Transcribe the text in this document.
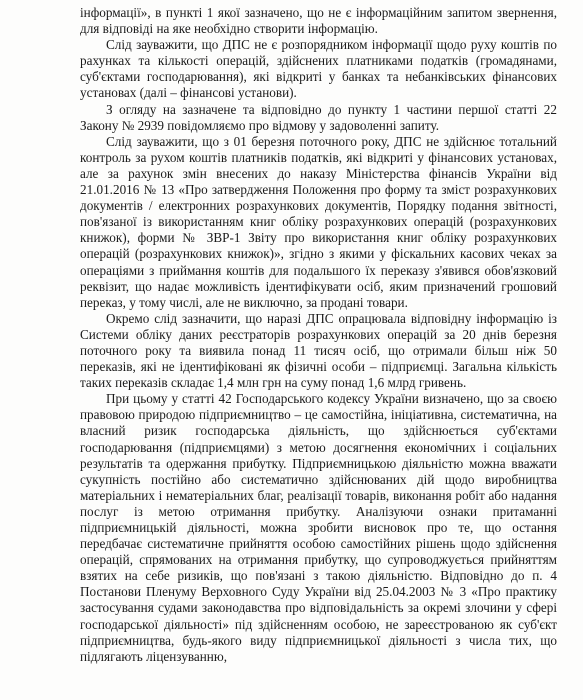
інформації», в пункті 1 якої зазначено, що не є інформаційним запитом звернення, для відповіді на яке необхідно створити інформацію.

Слід зауважити, що ДПС не є розпорядником інформації щодо руху коштів по рахунках та кількості операцій, здійснених платниками податків (громадянами, суб'єктами господарювання), які відкриті у банках та небанківських фінансових установах (далі – фінансові установи).

З огляду на зазначене та відповідно до пункту 1 частини першої статті 22 Закону № 2939 повідомляємо про відмову у задоволенні запиту.

Слід зауважити, що з 01 березня поточного року, ДПС не здійснює тотальний контроль за рухом коштів платників податків, які відкриті у фінансових установах, але за рахунок змін внесених до наказу Міністерства фінансів України від 21.01.2016 № 13 «Про затвердження Положення про форму та зміст розрахункових документів / електронних розрахункових документів, Порядку подання звітності, пов'язаної із використанням книг обліку розрахункових операцій (розрахункових книжок), форми № ЗВР-1 Звіту про використання книг обліку розрахункових операцій (розрахункових книжок)», згідно з якими у фіскальних касових чеках за операціями з приймання коштів для подальшого їх переказу з'явився обов'язковий реквізит, що надає можливість ідентифікувати осіб, яким призначений грошовий переказ, у тому числі, але не виключно, за продані товари.

Окремо слід зазначити, що наразі ДПС опрацювала відповідну інформацію із Системи обліку даних реєстраторів розрахункових операцій за 20 днів березня поточного року та виявила понад 11 тисяч осіб, що отримали більш ніж 50 переказів, які не ідентифіковані як фізичні особи – підприємці. Загальна кількість таких переказів складає 1,4 млн грн на суму понад 1,6 млрд гривень.

При цьому у статті 42 Господарського кодексу України визначено, що за своєю правовою природою підприємництво – це самостійна, ініціативна, систематична, на власний ризик господарська діяльність, що здійснюється суб'єктами господарювання (підприємцями) з метою досягнення економічних і соціальних результатів та одержання прибутку. Підприємницькою діяльністю можна вважати сукупність постійно або систематично здійснюваних дій щодо виробництва матеріальних і нематеріальних благ, реалізації товарів, виконання робіт або надання послуг із метою отримання прибутку. Аналізуючи ознаки притаманні підприємницькій діяльності, можна зробити висновок про те, що остання передбачає систематичне прийняття особою самостійних рішень щодо здійснення операцій, спрямованих на отримання прибутку, що супроводжується прийняттям взятих на себе ризиків, що пов'язані з такою діяльністю. Відповідно до п. 4 Постанови Пленуму Верховного Суду України від 25.04.2003 № 3 «Про практику застосування судами законодавства про відповідальність за окремі злочини у сфері господарської діяльності» під здійсненням особою, не зареєстрованою як суб'єкт підприємництва, будь-якого виду підприємницької діяльності з числа тих, що підлягають ліцензуванню,
